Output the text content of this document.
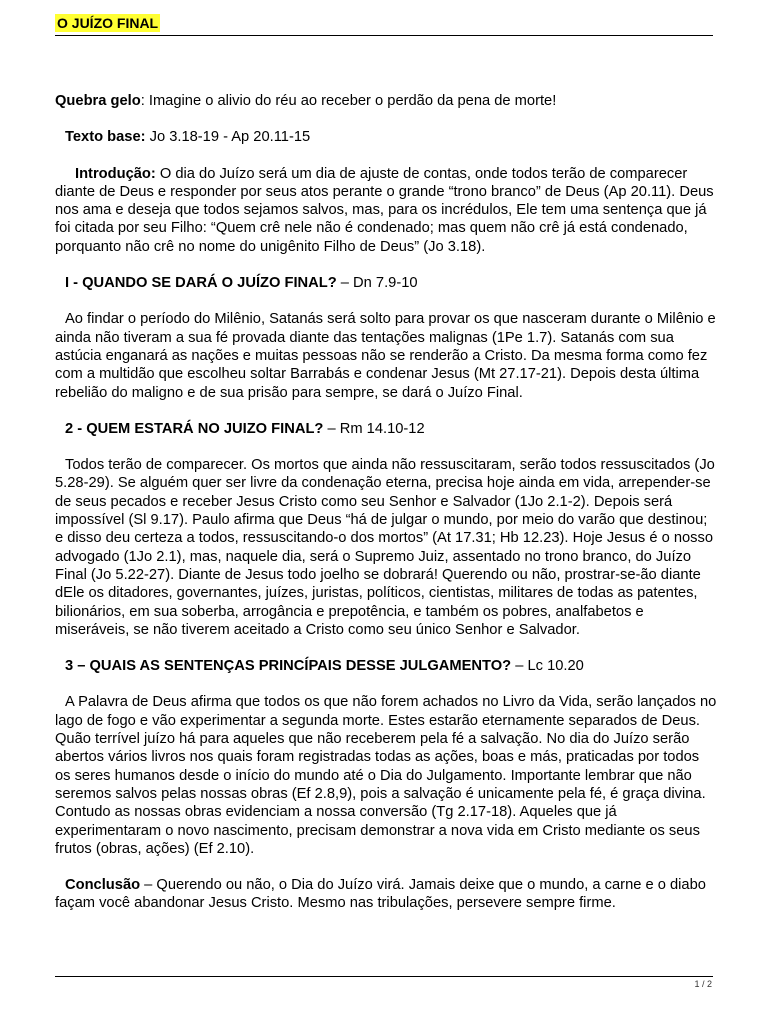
O JUÍZO FINAL

Quebra gelo: Imagine o alivio do réu ao receber o perdão da pena de morte!

Texto base: Jo 3.18-19 - Ap 20.11-15

Introdução: O dia do Juízo será um dia de ajuste de contas, onde todos terão de comparecer diante de Deus e responder por seus atos perante o grande “trono branco” de Deus (Ap 20.11). Deus nos ama e deseja que todos sejamos salvos, mas, para os incrédulos, Ele tem uma sentença que já foi citada por seu Filho: “Quem crê nele não é condenado; mas quem não crê já está condenado, porquanto não crê no nome do unigênito Filho de Deus” (Jo 3.18).

I - QUANDO SE DARÁ O JUÍZO FINAL? – Dn 7.9-10

Ao findar o período do Milênio, Satanás será solto para provar os que nasceram durante o Milênio e ainda não tiveram a sua fé provada diante das tentações malignas (1Pe 1.7). Satanás com sua astúcia enganará as nações e muitas pessoas não se renderão a Cristo. Da mesma forma como fez com a multidão que escolheu soltar Barrabás e condenar Jesus (Mt 27.17-21). Depois desta última rebelião do maligno e de sua prisão para sempre, se dará o Juízo Final.

2 - QUEM ESTARÁ NO JUIZO FINAL? – Rm 14.10-12

Todos terão de comparecer. Os mortos que ainda não ressuscitaram, serão todos ressuscitados (Jo 5.28-29). Se alguém quer ser livre da condenação eterna, precisa hoje ainda em vida, arrepender-se de seus pecados e receber Jesus Cristo como seu Senhor e Salvador (1Jo 2.1-2). Depois será impossível (Sl 9.17). Paulo afirma que Deus “há de julgar o mundo, por meio do varão que destinou; e disso deu certeza a todos, ressuscitando-o dos mortos” (At 17.31; Hb 12.23). Hoje Jesus é o nosso advogado (1Jo 2.1), mas, naquele dia, será o Supremo Juiz, assentado no trono branco, do Juízo Final (Jo 5.22-27). Diante de Jesus todo joelho se dobrará! Querendo ou não, prostrar-se-ão diante dEle os ditadores, governantes, juízes, juristas, políticos, cientistas, militares de todas as patentes, bilionários, em sua soberba, arrogância e prepotência, e também os pobres, analfabetos e miseráveis, se não tiverem aceitado a Cristo como seu único Senhor e Salvador.

3 – QUAIS AS SENTENÇAS PRINCÍPAIS DESSE JULGAMENTO? – Lc 10.20

A Palavra de Deus afirma que todos os que não forem achados no Livro da Vida, serão lançados no lago de fogo e vão experimentar a segunda morte. Estes estarão eternamente separados de Deus. Quão terrível juízo há para aqueles que não receberem pela fé a salvação. No dia do Juízo serão abertos vários livros nos quais foram registradas todas as ações, boas e más, praticadas por todos os seres humanos desde o início do mundo até o Dia do Julgamento. Importante lembrar que não seremos salvos pelas nossas obras (Ef 2.8,9), pois a salvação é unicamente pela fé, é graça divina. Contudo as nossas obras evidenciam a nossa conversão (Tg 2.17-18). Aqueles que já experimentaram o novo nascimento, precisam demonstrar a nova vida em Cristo mediante os seus frutos (obras, ações) (Ef 2.10).

Conclusão – Querendo ou não, o Dia do Juízo virá. Jamais deixe que o mundo, a carne e o diabo façam você abandonar Jesus Cristo. Mesmo nas tribulações, persevere sempre firme.

1 / 2
